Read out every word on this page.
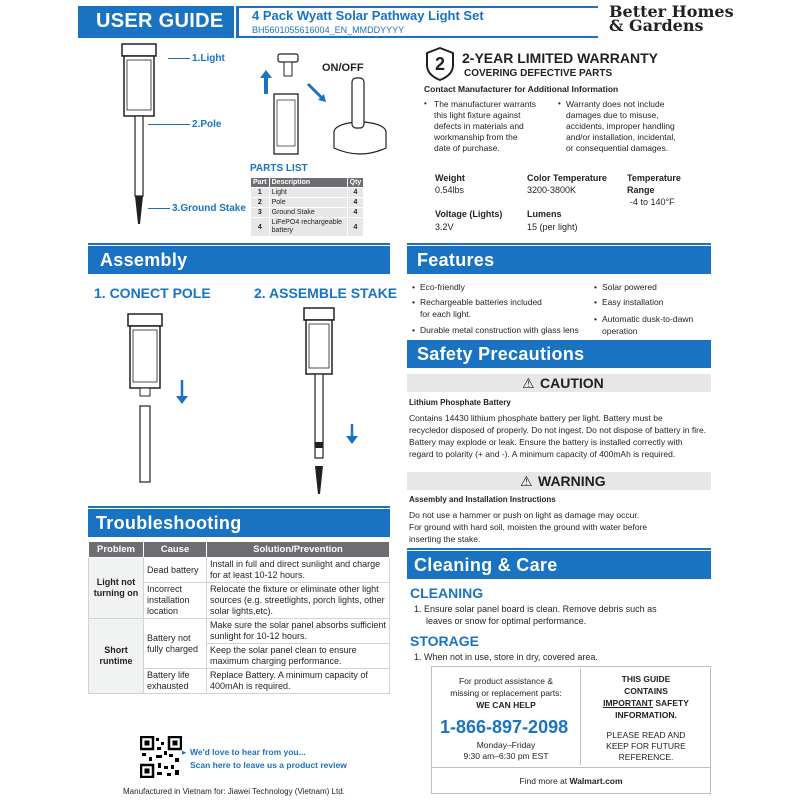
USER GUIDE 4 Pack Wyatt Solar Pathway Light Set
BH5601055616004_EN_MMDDYYYY
Better Homes
& Gardens
1.Light
2.Pole
3.Ground Stake
ON/OFF
PARTS LIST
Part	Description	Qty
1	Light	4
2	Pole	4
3	Ground Stake	4
4	LiFePO4 rechargeable battery	4
2 2-YEAR LIMITED WARRANTY
COVERING DEFECTIVE PARTS
Contact Manufacturer for Additional Information
• The manufacturer warrants
this light fixture against
defects in materials and
workmanship from the
date of purchase.
• Warranty does not include
damages due to misuse,
accidents, improper handling
and/or installation, incidental,
or consequential damages.
Weight
0.54lbs
Color Temperature
3200-3800K
Temperature
Range
-4 to 140°F
Voltage (Lights)
3.2V
Lumens
15 (per light)
Assembly
1. CONECT POLE	2. ASSEMBLE STAKE
Features
• Eco-friendly
• Rechargeable batteries included
for each light.
• Durable metal construction with glass lens
• Solar powered
• Easy installation
• Automatic dusk-to-dawn
operation
Safety Precautions
⚠ CAUTION
Lithium Phosphate Battery
Contains 14430 lithium phosphate battery per light. Battery must be
recycledor disposed of properly. Do not ingest. Do not dispose of battery in fire.
Battery may explode or leak. Ensure the battery is installed correctly with
regard to polarity (+ and -). A minimum capacity of 400mAh is required.
⚠ WARNING
Assembly and Installation Instructions
Do not use a hammer or push on light as damage may occur.
For ground with hard soil, moisten the ground with water before
inserting the stake.
Troubleshooting
Problem	Cause	Solution/Prevention
Light not turning on	Dead battery	Install in full and direct sunlight and charge for at least 10-12 hours.
	Incorrect installation location	Relocate the fixture or eliminate other light sources (e.g. streetlights, porch lights, other solar lights,etc).
Short runtime	Battery not fully charged	Make sure the solar panel absorbs sufficient sunlight for 10-12 hours.
		Keep the solar panel clean to ensure maximum charging performance.
	Battery life exhausted	Replace Battery. A minimum capacity of 400mAh is required.
Cleaning & Care
CLEANING
1. Ensure solar panel board is clean. Remove debris such as
leaves or snow for optimal performance.
STORAGE
1. When not in use, store in dry, covered area.
For product assistance &
missing or replacement parts:
WE CAN HELP
1-866-897-2098
Monday–Friday
9:30 am–6:30 pm EST
THIS GUIDE
CONTAINS
IMPORTANT SAFETY
INFORMATION.
PLEASE READ AND
KEEP FOR FUTURE
REFERENCE.
Find more at Walmart.com
▸ We'd love to hear from you...
Scan here to leave us a product review
Manufactured in Vietnam for: Jiawei Technology (Vietnam) Ltd.
